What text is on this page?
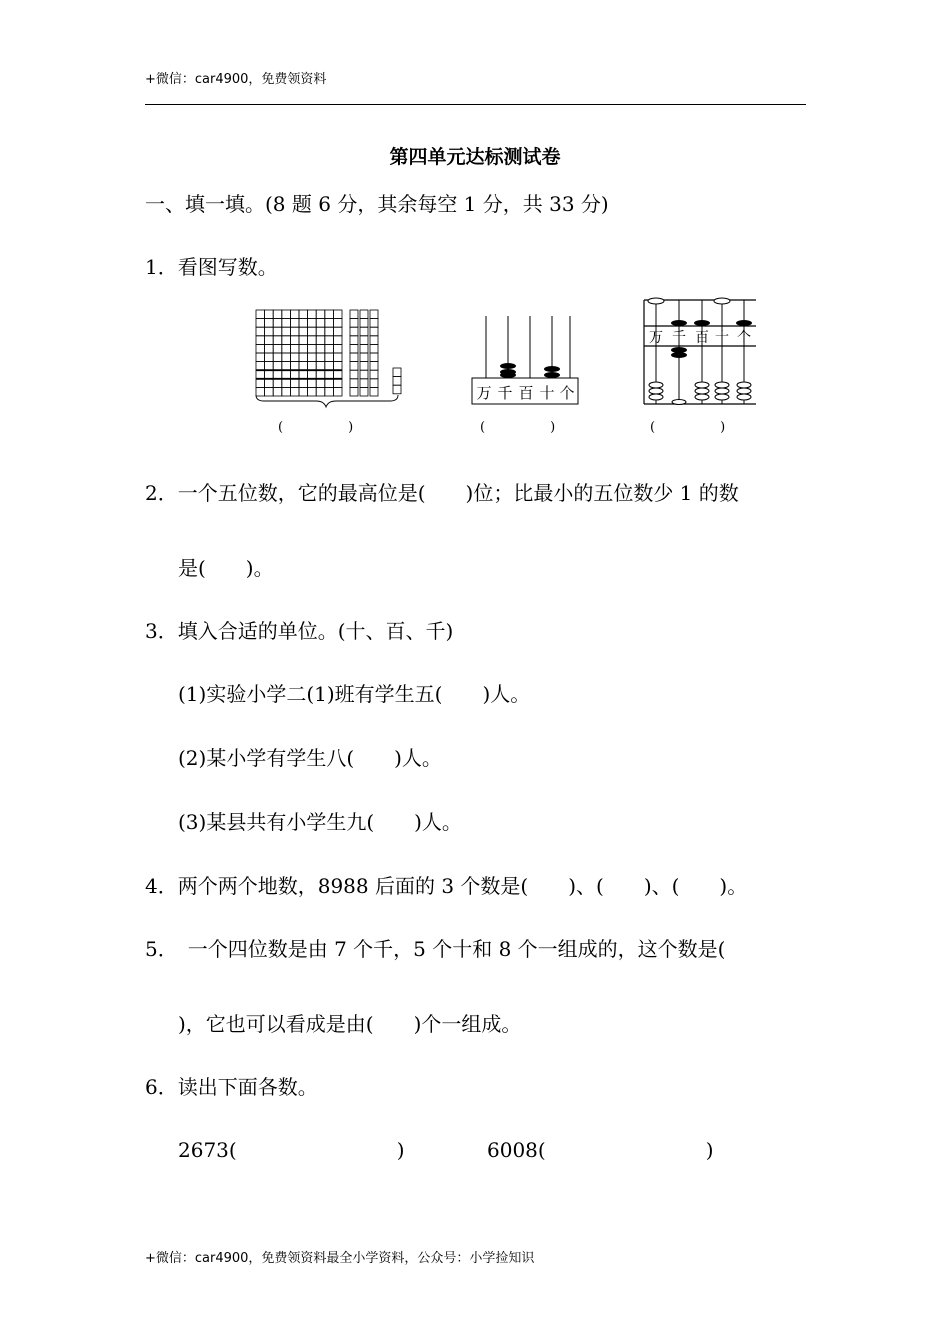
+微信：car4900，免费领资料
第四单元达标测试卷
一、填一填。(8 题 6 分，其余每空 1 分，共 33 分)
1．看图写数。
(　　　　　)
万 千 百 十 个
(　　　　　)
万 千 百 十 个
(　　　　　)
2．一个五位数，它的最高位是(　　)位；比最小的五位数少 1 的数
是(　　)。
3．填入合适的单位。(十、百、千)
(1)实验小学二(1)班有学生五(　　)人。
(2)某小学有学生八(　　)人。
(3)某县共有小学生九(　　)人。
4．两个两个地数，8988 后面的 3 个数是(　　)、(　　)、(　　)。
5．　一个四位数是由 7 个千，5 个十和 8 个一组成的，这个数是(
)，它也可以看成是由(　　)个一组成。
6．读出下面各数。
2673(　　　　　　　　)	6008(　　　　　　　　)
+微信：car4900，免费领资料最全小学资料，公众号：小学捡知识
